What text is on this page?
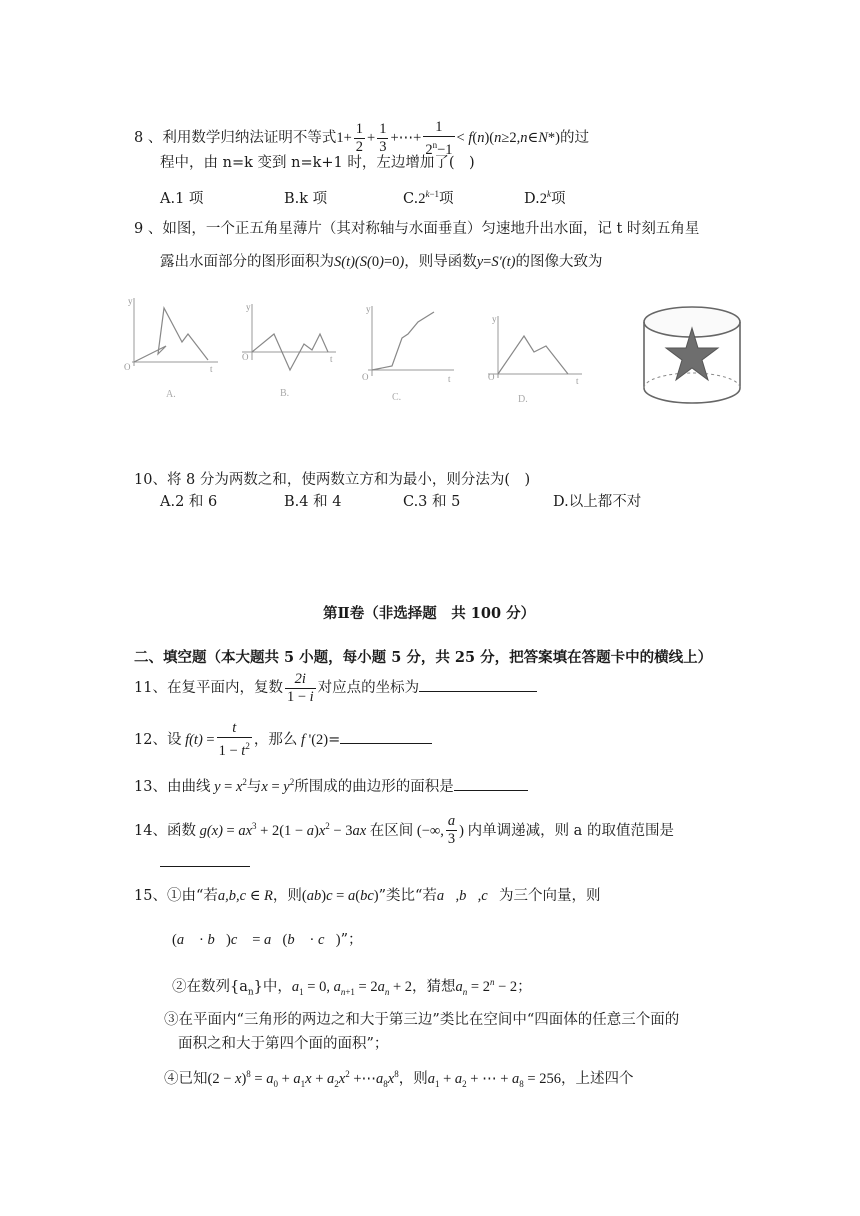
8 、利用数学归纳法证明不等式$1+ \frac{1}{2} + \frac{1}{3}$ +⋯+ $\frac{1}{2^n-1}$ < f(n)(n≥2,n∈N*)的过
程中，由 n=k 变到 n=k+1 时，左边增加了(　)
A.1 项	B.k 项	$C.2^{k-1}$项	D.2$^k$项
9 、如图，一个正五角星薄片（其对称轴与水面垂直）匀速地升出水面，记 t 时刻五角星
露出水面部分的图形面积为S(t)(S(0)=0)，则导函数y=S′(t)的图像大致为
y
O	t
A.
y
O	t
B.
y
O	t
C.
y
O	t
D.
10、将 8 分为两数之和，使两数立方和为最小，则分法为(　)
A.2 和 6	B.4 和 4	C.3 和 5	D.以上都不对
第Ⅱ卷（非选择题　共 100 分）
二、填空题（本大题共 5 小题，每小题 5 分，共 25 分，把答案填在答题卡中的横线上）
11、在复平面内，复数 $\frac{2i}{1 - i}$ 对应点的坐标为
12、设 $f(t) = \frac{t}{1 - t^2}$ ，那么 f '(2)=
13、由曲线 $y = x^2$与$x = y^2$所围成的曲边形的面积是
14、函数 $g(x) = ax^3 + 2(1 - a)x^2 - 3ax$ 在区间 (−∞, $\frac{a}{3}$ ) 内单调递减，则 a 的取值范围是
15、①由“若a,b,c ∈ R，则(ab)c = a(bc)”类比“若a⃗,b⃗,c⃗为三个向量，则
(a⃗ · b⃗)c⃗ = a⃗(b⃗ · c⃗)”；
②在数列$\{a_n\}$中，$a_1 = 0$, $a_{n+1} = 2a_n + 2$，猜想$a_n = 2^n - 2$；
③在平面内“三角形的两边之和大于第三边”类比在空间中“四面体的任意三个面的
面积之和大于第四个面的面积”；
④已知$(2 - x)^8 = a_0 + a_1x + a_2x^2$ $+\cdots a_8x^8$，则$a_1 + a_2$ + ⋯ + $a_8 = 256$，上述四个
